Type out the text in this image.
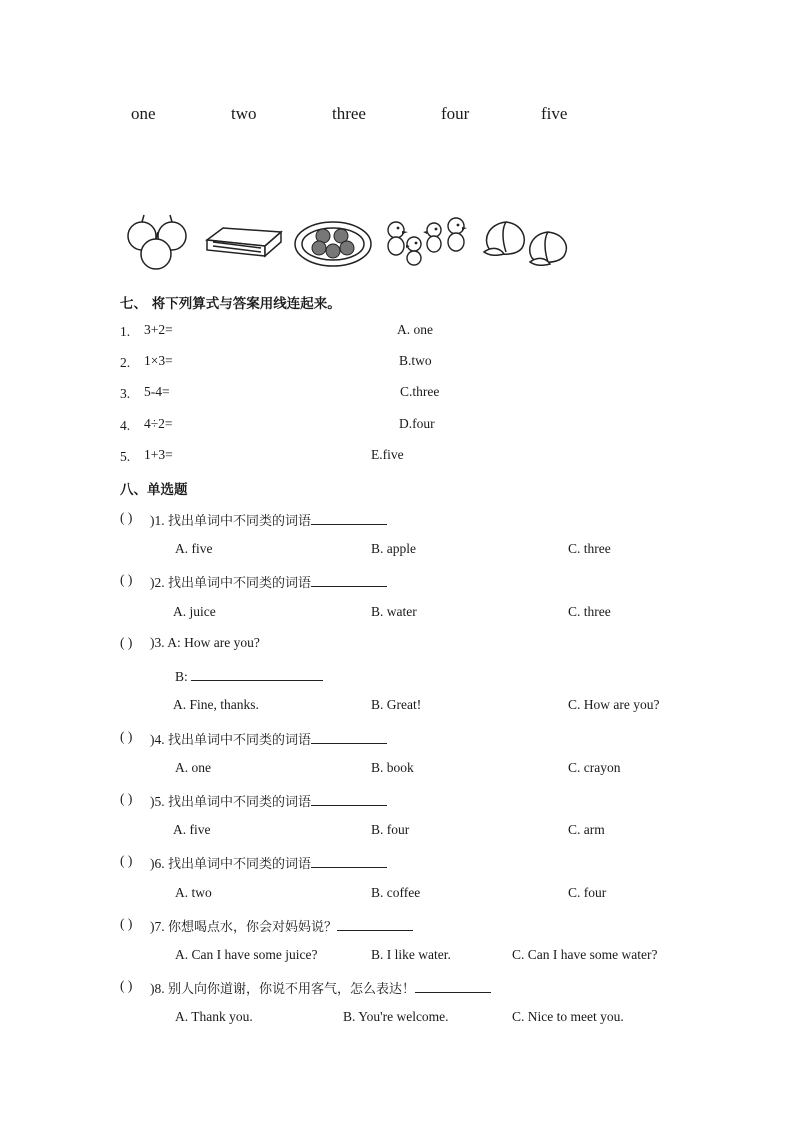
one	two	three	four	five
七、 将下列算式与答案用线连起来。
1. 3+2=	A. one
2. 1×3=	B.two
3. 5-4=	C.three
4. 4÷2=	D.four
5. 1+3=	E.five
八、单选题
( ) )1. 找出单词中不同类的词语
A. five	B. apple	C. three
( ) )2. 找出单词中不同类的词语
A. juice	B. water	C. three
( ) )3. A: How are you?
B:
A. Fine, thanks.	B. Great!	C. How are you?
( ) )4. 找出单词中不同类的词语
A. one	B. book	C. crayon
( ) )5. 找出单词中不同类的词语
A. five	B. four	C. arm
( ) )6. 找出单词中不同类的词语
A. two	B. coffee	C. four
( ) )7. 你想喝点水，你会对妈妈说？
A. Can I have some juice?	B. I like water.	C. Can I have some water?
( ) )8. 别人向你道谢，你说不用客气，怎么表达！
A. Thank you.	B. You're welcome.	C. Nice to meet you.
